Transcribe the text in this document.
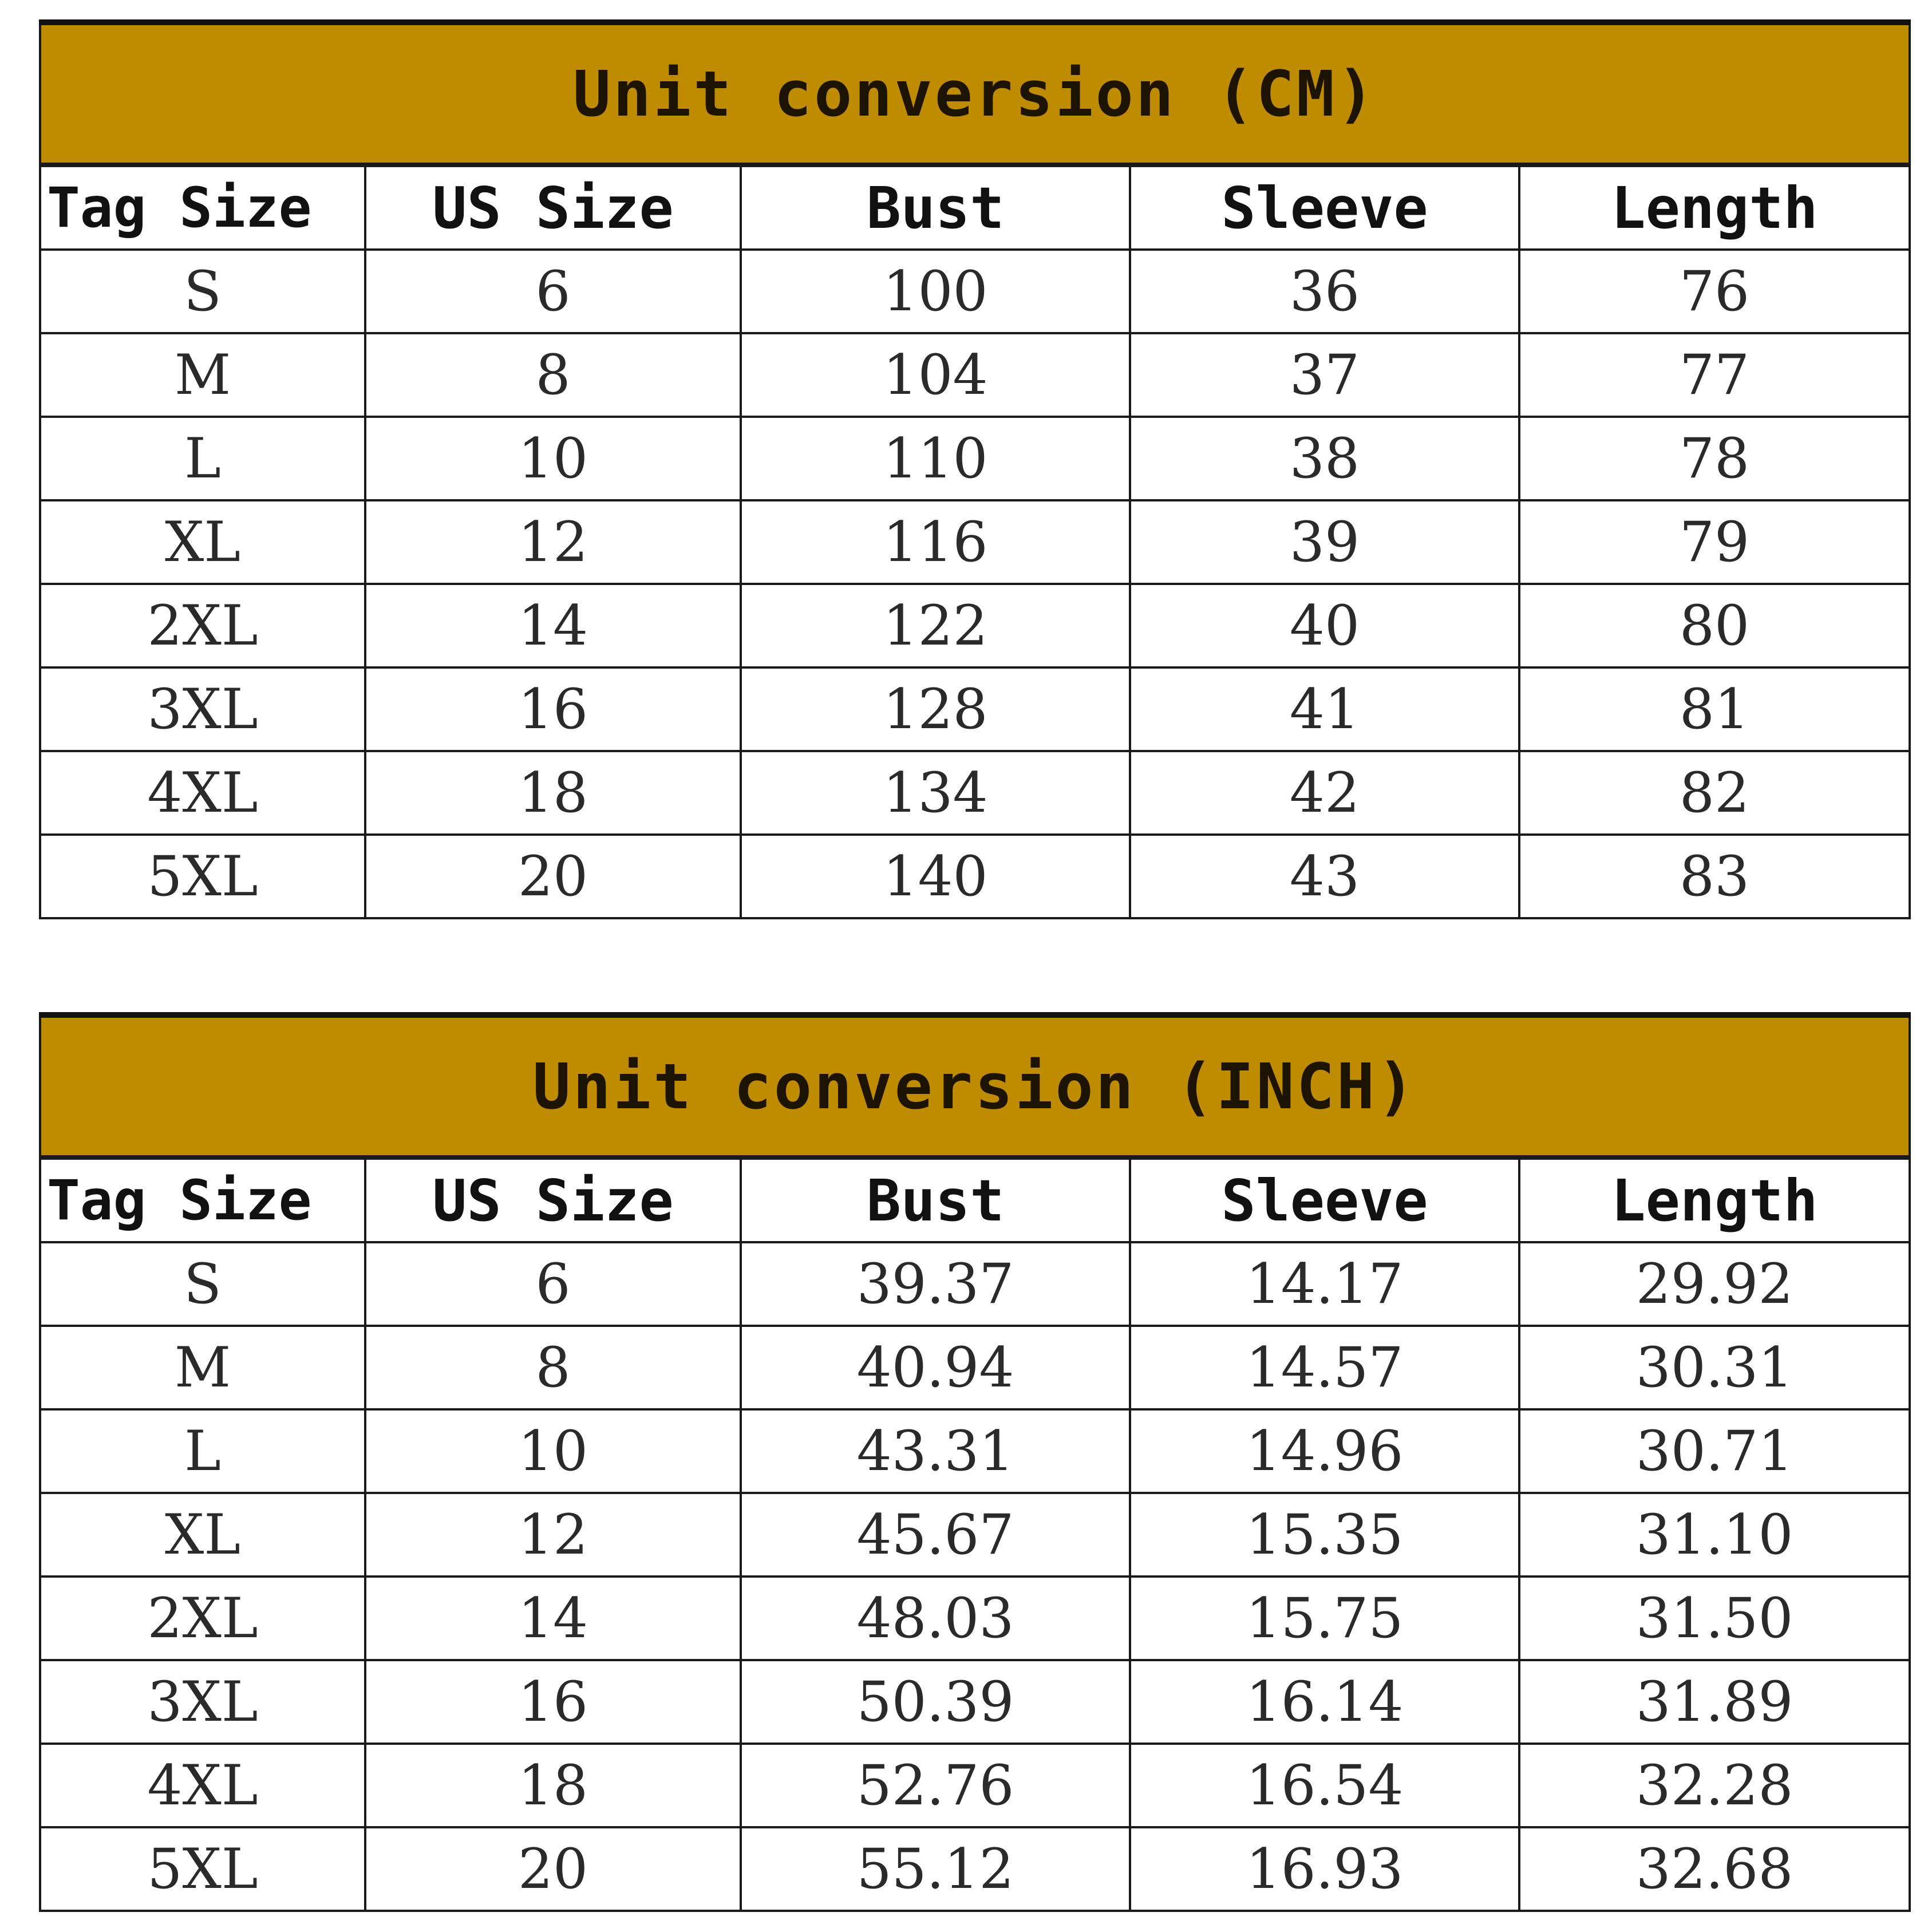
Unit conversion (CM)				
Tag Size	US Size	Bust	Sleeve	Length
S	6	100	36	76
M	8	104	37	77
L	10	110	38	78
XL	12	116	39	79
2XL	14	122	40	80
3XL	16	128	41	81
4XL	18	134	42	82
5XL	20	140	43	83
Unit conversion (INCH)				
Tag Size	US Size	Bust	Sleeve	Length
S	6	39.37	14.17	29.92
M	8	40.94	14.57	30.31
L	10	43.31	14.96	30.71
XL	12	45.67	15.35	31.10
2XL	14	48.03	15.75	31.50
3XL	16	50.39	16.14	31.89
4XL	18	52.76	16.54	32.28
5XL	20	55.12	16.93	32.68
